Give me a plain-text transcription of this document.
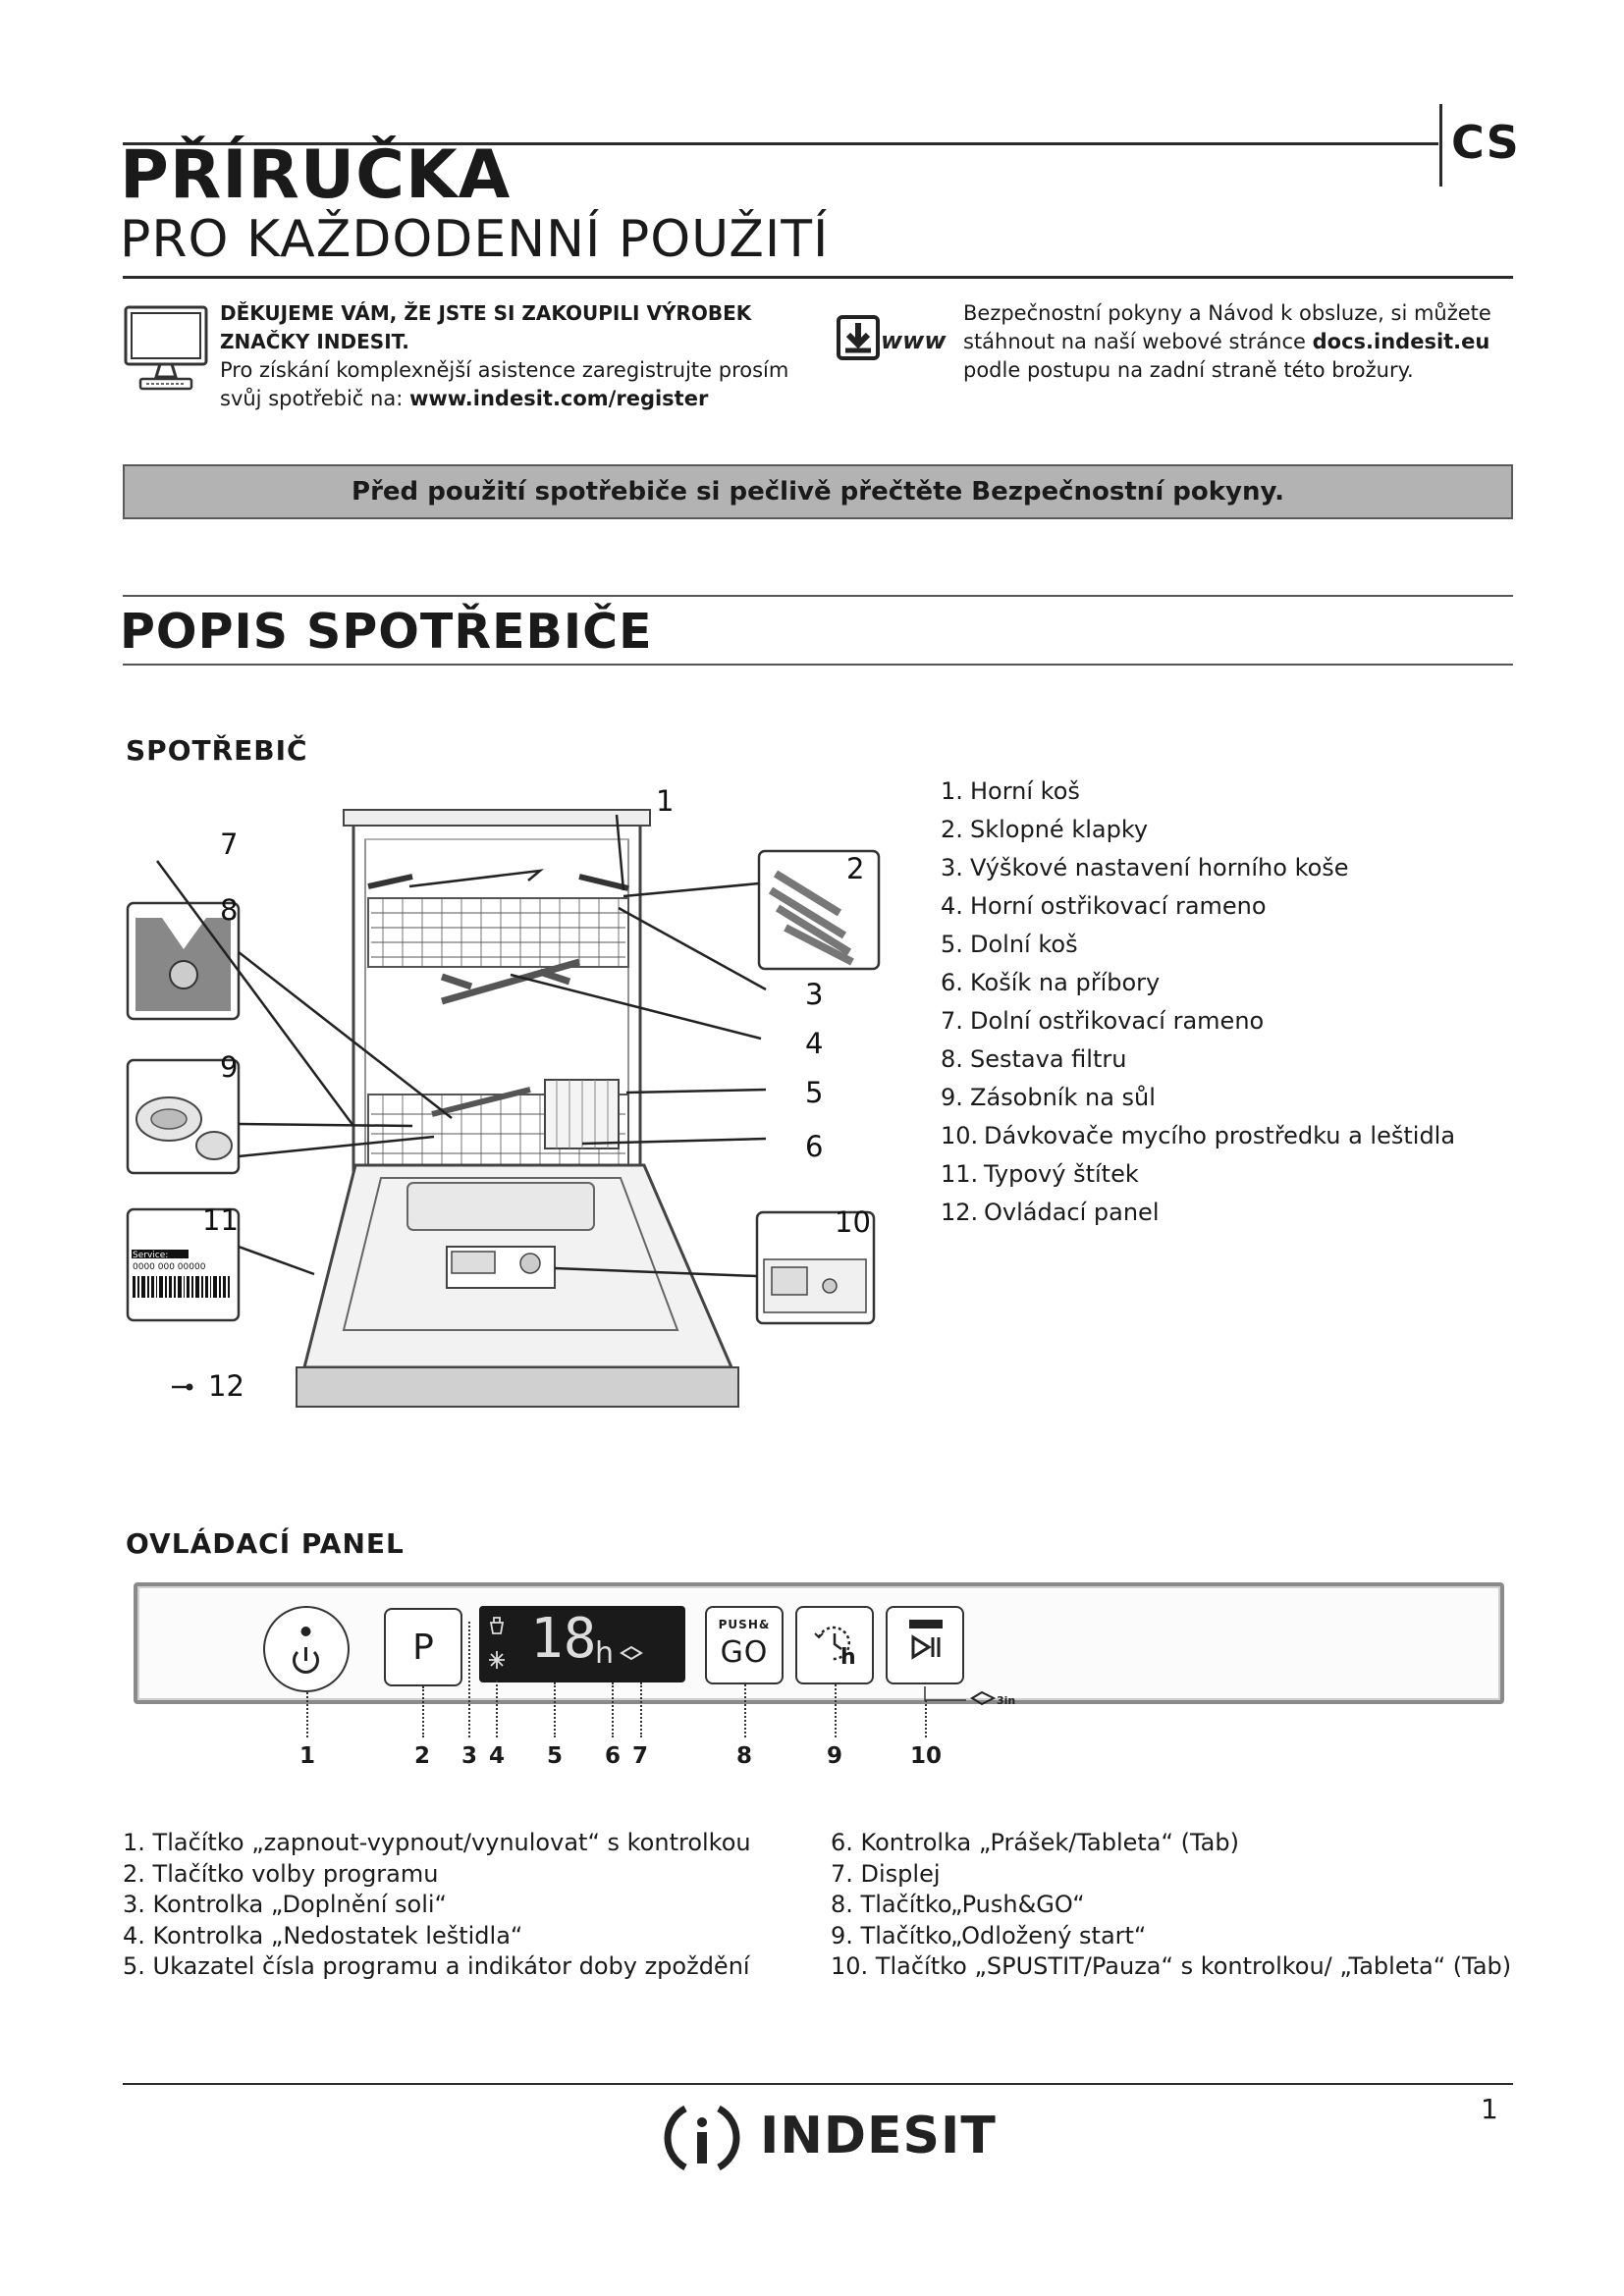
CS
PŘÍRUČKA
PRO KAŽDODENNÍ POUŽITÍ
DĚKUJEME VÁM, ŽE JSTE SI ZAKOUPILI VÝROBEK
ZNAČKY INDESIT.
Pro získání komplexnější asistence zaregistrujte prosím
svůj spotřebič na: www.indesit.com/register
www
Bezpečnostní pokyny a Návod k obsluze, si můžete
stáhnout na naší webové stránce docs.indesit.eu
podle postupu na zadní straně této brožury.
Před použití spotřebiče si pečlivě přečtěte Bezpečnostní pokyny.
POPIS SPOTŘEBIČE
SPOTŘEBIČ
Service:
0000 000 00000
1
2
3
4
5
6
7
8
9
10
11
12
1. Horní koš
2. Sklopné klapky
3. Výškové nastavení horního koše
4. Horní ostřikovací rameno
5. Dolní koš
6. Košík na příbory
7. Dolní ostřikovací rameno
8. Sestava filtru
9. Zásobník na sůl
10. Dávkovače mycího prostředku a leštidla
11. Typový štítek
12. Ovládací panel
OVLÁDACÍ PANEL
P 18
h
PUSH&
GO	h
3in
1	2 3 4 5 6 7	8	9	10
1. Tlačítko „zapnout-vypnout/vynulovat“ s kontrolkou
2. Tlačítko volby programu
3. Kontrolka „Doplnění soli“
4. Kontrolka „Nedostatek leštidla“
5. Ukazatel čísla programu a indikátor doby zpoždění
6. Kontrolka „Prášek/Tableta“ (Tab)
7. Displej
8. Tlačítko„Push&GO“
9. Tlačítko„Odložený start“
10. Tlačítko „SPUSTIT/Pauza“ s kontrolkou/ „Tableta“ (Tab)
1
INDESIT
